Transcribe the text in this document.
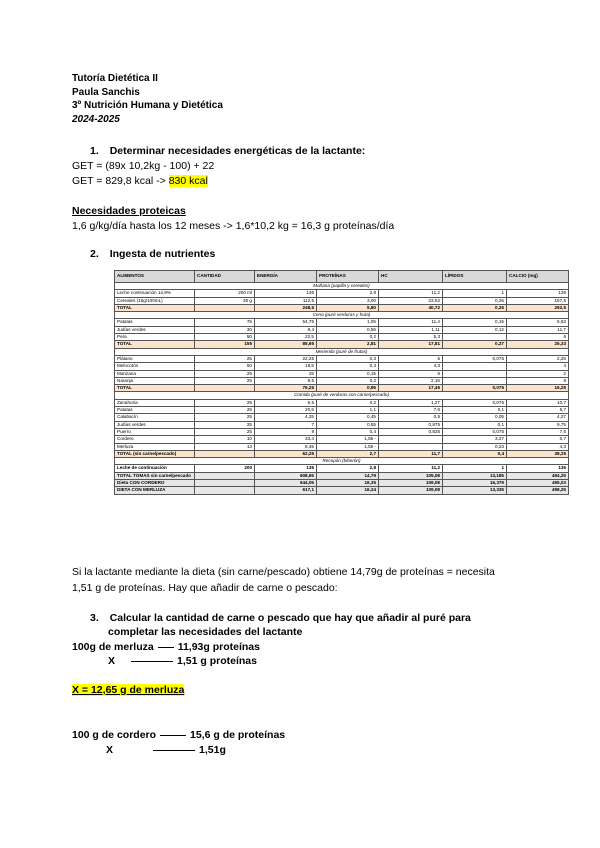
Tutoría Dietética II
Paula Sanchis
3º Nutrición Humana y Dietética
2024-2025
1. Determinar necesidades energéticas de la lactante:
GET = (89x 10,2kg - 100) + 22
GET = 829,8 kcal -> 830 kcal
Necesidades proteicas
1,6 g/kg/día hasta los 12 meses -> 1,6*10,2 kg = 16,3 g proteínas/día
2. Ingesta de nutrientes
ALIMENTOS	CANTIDAD	ENERGÍA	PROTEÍNAS	HC	LÍPIDOS	CALCIO (mg)
Mañana (papilla y cereales)						
Leche continuación 14,9%	200 ml	136	2,8	11,2	1	136
Cereales (15g/100mL)	30 g	112,5	3,00	23,52	0,25	157,5
TOTAL		248,5	5,80	40,72	0,25	292,5
Cena (puré verduras y fruta)						
Patatas	75	54,75	1,05	11,4	0,15	5,63
Judías verdes	30	8,4	0,56	1,11	0,12	11,7
Pera	50	22,5	0,2	5,3		5
TOTAL	155	85,65	2,81	17,81	0,27	25,33
Merienda (puré de frutas)						
Plátano	25	22,25	0,3	5	0,075	2,25
Melocotón	50	19,5	0,3	4,3		4
Manzana	25	25	0,15	6		2
Naranja	25	9,5	0,2	2,15		8
TOTAL		76,25	0,95	17,45	0,075	16,25
Comida (puré de verduras con carne/pescado)						
Zanahoria	25	5,5	0,2	1,27	0,075	10,7
Patatas	25	20,5	1,1	7,6	0,1	5,7
Calabacín	25	4,25	0,45	0,5	0,05	4,27
Judías verdes	25	7	0,55	0,875	0,1	9,75
Puerro	25	8	0,4	0,825	0,075	7,5
Cordero	10	33,4	1,56 -		3,27	0,7
Merluza	13	8,45	1,55 -		0,23	4,3
TOTAL (sin carne/pescado)		62,25	2,7	11,7	0,4	38,25
Recopón (biberón)						
Leche de continuación	200	136	2,8	11,2	1	136
TOTAL TOMAS sin carne/pescado		608,65	14,79	105,08	13,185	494,25
Dieta CON CORDERO		644,05	16,35	109,08	16,379	495,03
DIETA CON MERLUZA		617,1	16,34	109,08	13,335	498,25
Si la lactante mediante la dieta (sin carne/pescado) obtiene 14,79g de proteínas = necesita
1,51 g de proteínas. Hay que añadir de carne o pescado:
3. Calcular la cantidad de carne o pescado que hay que añadir al puré para
completar las necesidades del lactante
100g de merluza 11,93g proteínas
X	1,51 g proteínas
X = 12,65 g de merluza
100 g de cordero	15,6 g de proteínas
X	1,51g
